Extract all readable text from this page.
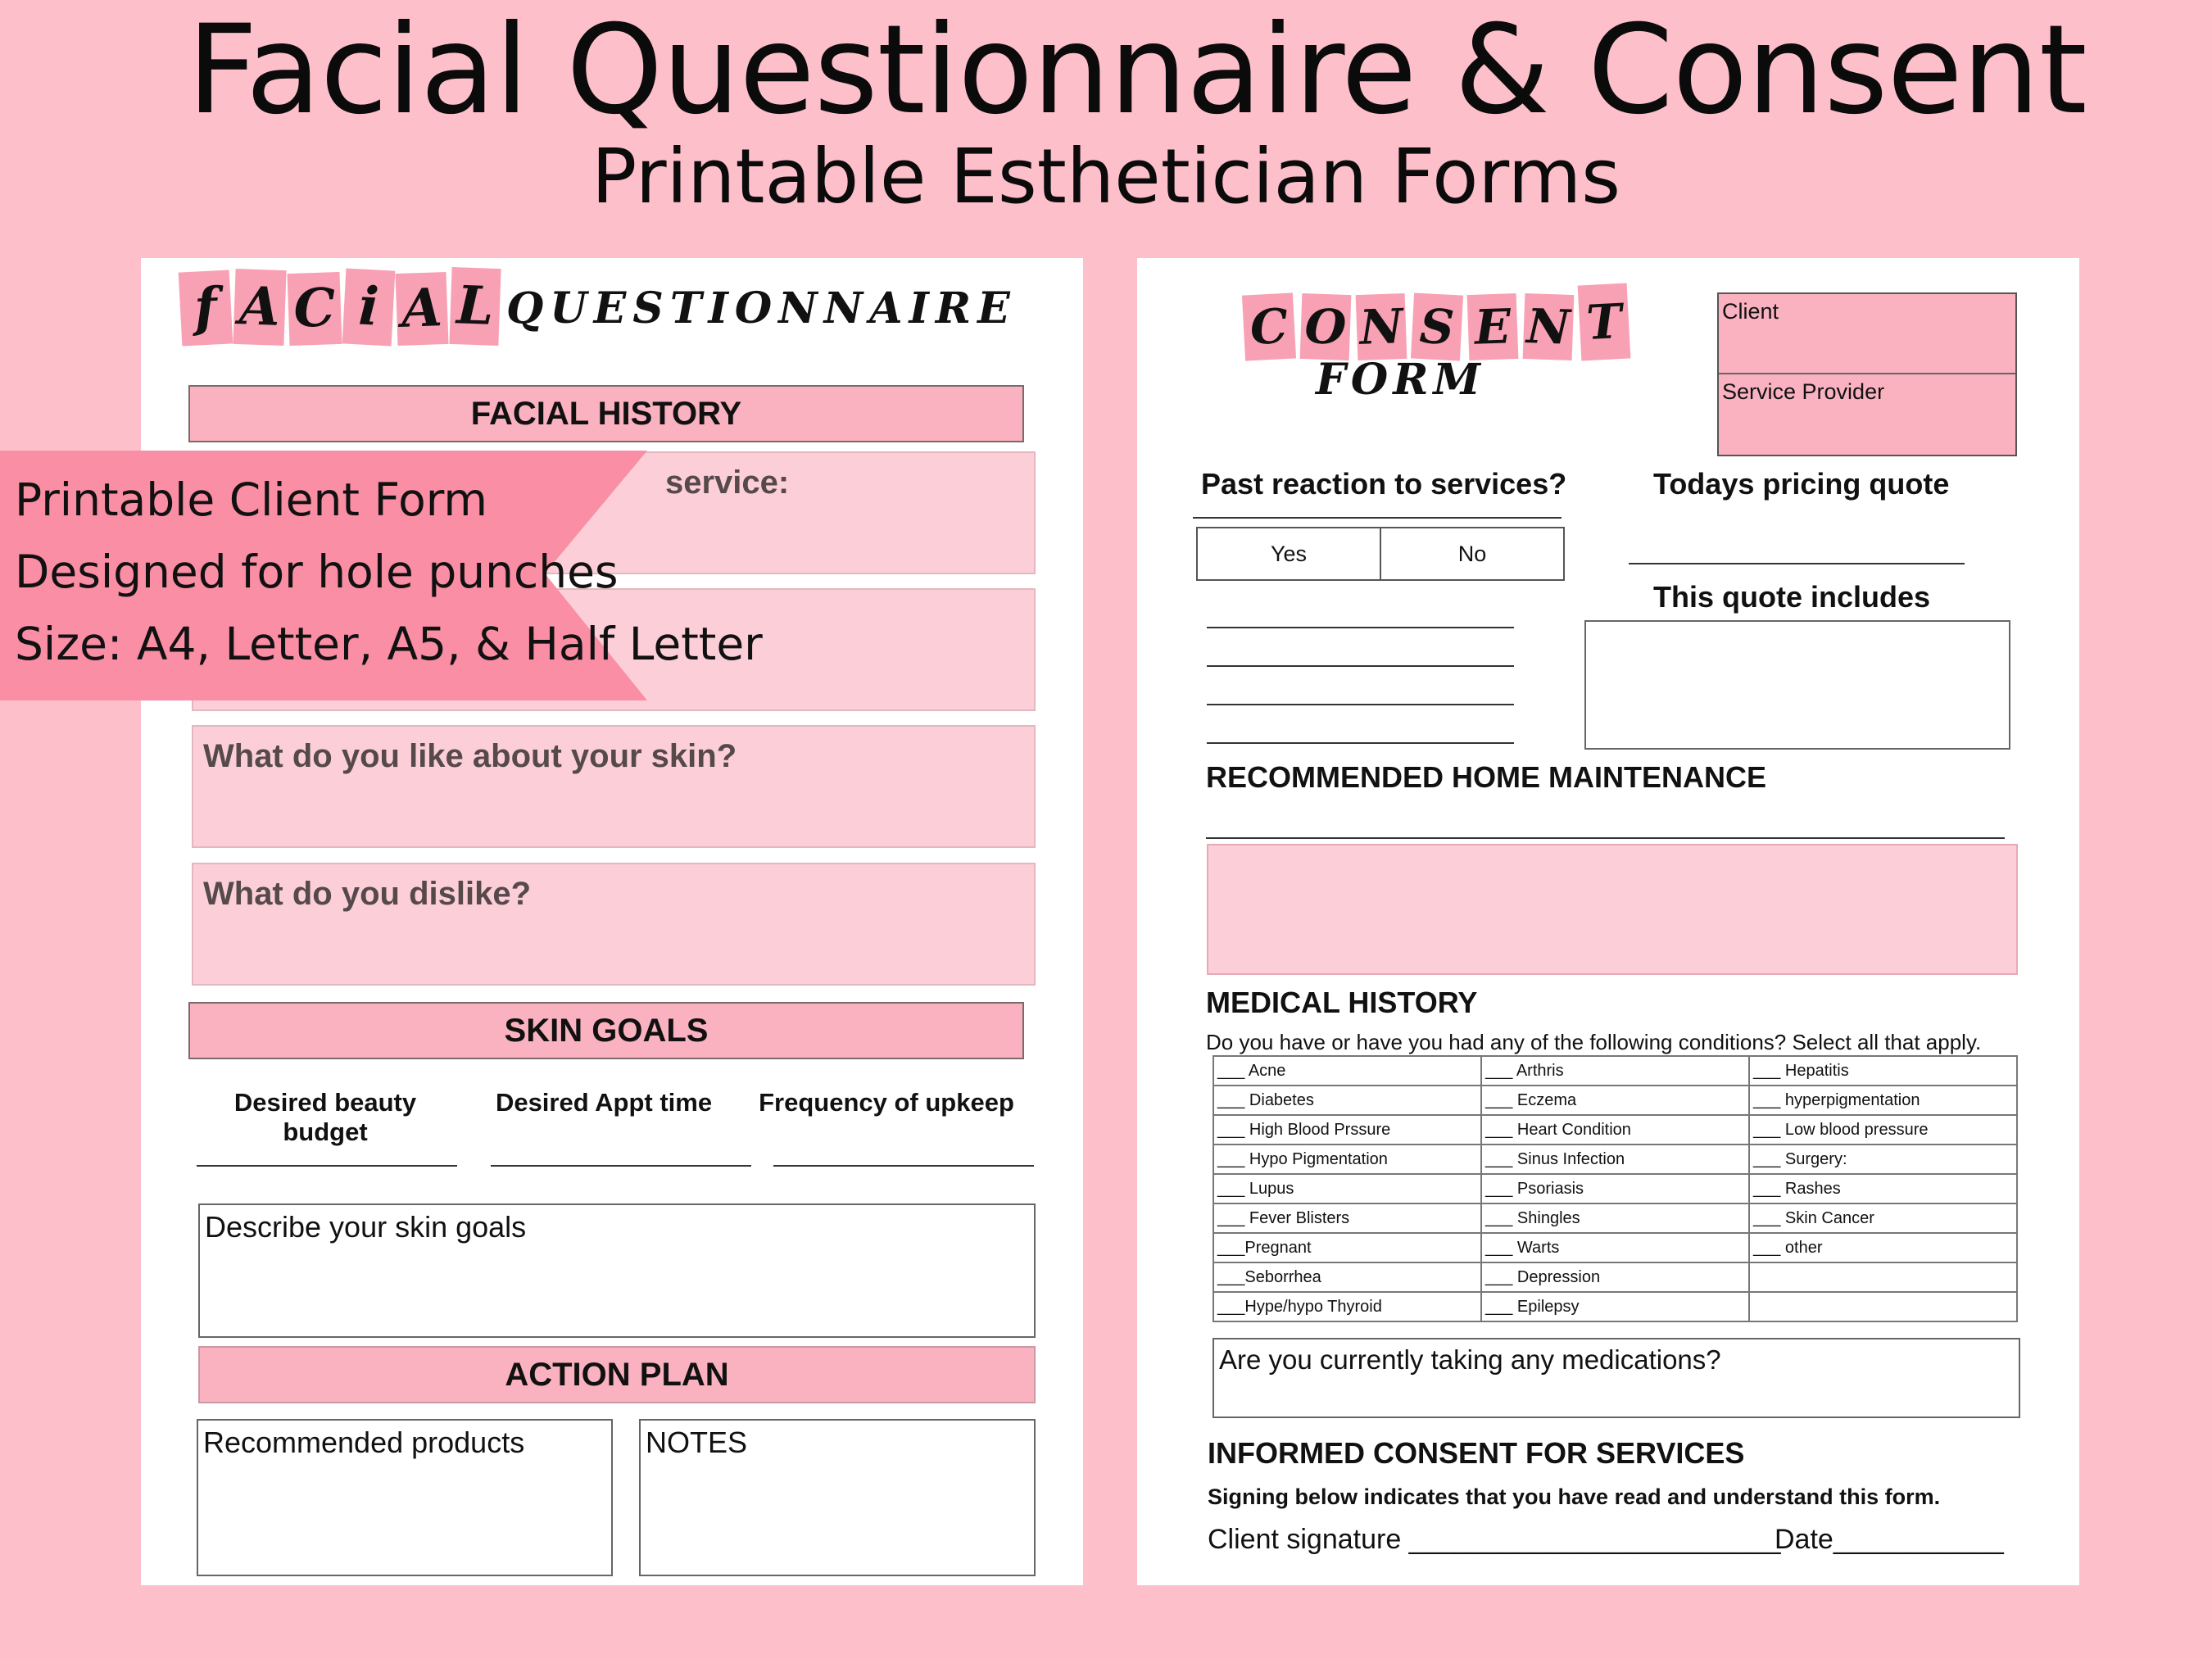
Facial Questionnaire & Consent
Printable Esthetician Forms
f A C i A L QUESTIONNAIRE
FACIAL HISTORY
service:
What do you like about your skin?
What do you dislike?
SKIN GOALS
Desired beauty budget
Desired Appt time	Frequency of upkeep
Describe your skin goals
ACTION PLAN
Recommended products	NOTES
Printable Client Form
Designed for hole punches
Size: A4, Letter, A5, & Half Letter
C O N S E N T
FORM
Client
Service Provider
Past reaction to services?
Yes	No
Todays pricing quote
This quote includes
RECOMMENDED HOME MAINTENANCE
MEDICAL HISTORY
Do you have or have you had any of the following conditions? Select all that apply.
___ Acne	___ Arthris	___ Hepatitis
___ Diabetes	___ Eczema	___ hyperpigmentation
___ High Blood Prssure	___ Heart Condition	___ Low blood pressure
___ Hypo Pigmentation	___ Sinus Infection	___ Surgery:
___ Lupus	___ Psoriasis	___ Rashes
___ Fever Blisters	___ Shingles	___ Skin Cancer
___Pregnant	___ Warts	___ other
___Seborrhea	___ Depression	
___Hype/hypo Thyroid	___ Epilepsy	
Are you currently taking any medications?
INFORMED CONSENT FOR SERVICES
Signing below indicates that you have read and understand this form.
Client signature ________________________
Date___________
